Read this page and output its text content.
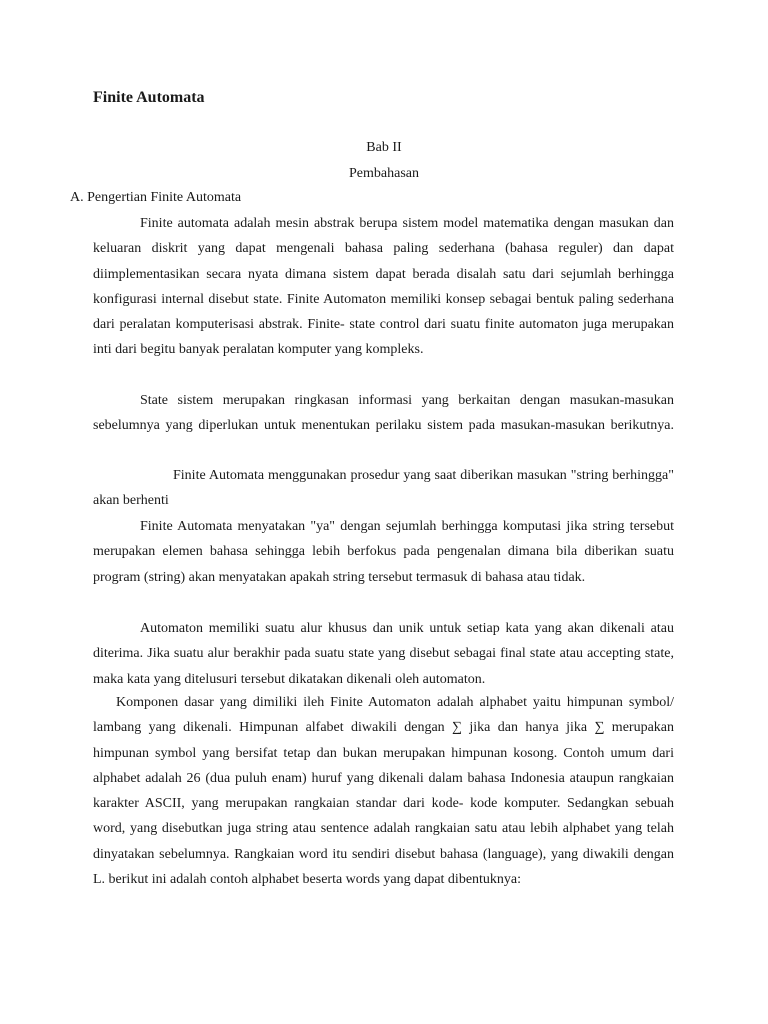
Finite Automata
Bab II
Pembahasan
A. Pengertian Finite Automata

Finite automata adalah mesin abstrak berupa sistem model matematika dengan masukan dan keluaran diskrit yang dapat mengenali bahasa paling sederhana (bahasa reguler) dan dapat diimplementasikan secara nyata dimana sistem dapat berada disalah satu dari sejumlah berhingga konfigurasi internal disebut state. Finite Automaton memiliki konsep sebagai bentuk paling sederhana dari peralatan komputerisasi abstrak. Finite- state control dari suatu finite automaton juga merupakan inti dari begitu banyak peralatan komputer yang kompleks.

State sistem merupakan ringkasan informasi yang berkaitan dengan masukan-masukan sebelumnya yang diperlukan untuk menentukan perilaku sistem pada masukan-masukan berikutnya.

Finite Automata menggunakan prosedur yang saat diberikan masukan "string berhingga" akan berhenti

Finite Automata menyatakan "ya" dengan sejumlah berhingga komputasi jika string tersebut merupakan elemen bahasa sehingga lebih berfokus pada pengenalan dimana bila diberikan suatu program (string) akan menyatakan apakah string tersebut termasuk di bahasa atau tidak.

Automaton memiliki suatu alur khusus dan unik untuk setiap kata yang akan dikenali atau diterima. Jika suatu alur berakhir pada suatu state yang disebut sebagai final state atau accepting state, maka kata yang ditelusuri tersebut dikatakan dikenali oleh automaton.

Komponen dasar yang dimiliki ileh Finite Automaton adalah alphabet yaitu himpunan symbol/ lambang yang dikenali. Himpunan alfabet diwakili dengan ∑ jika dan hanya jika ∑ merupakan himpunan symbol yang bersifat tetap dan bukan merupakan himpunan kosong. Contoh umum dari alphabet adalah 26 (dua puluh enam) huruf yang dikenali dalam bahasa Indonesia ataupun rangkaian karakter ASCII, yang merupakan rangkaian standar dari kode- kode komputer. Sedangkan sebuah word, yang disebutkan juga string atau sentence adalah rangkaian satu atau lebih alphabet yang telah dinyatakan sebelumnya. Rangkaian word itu sendiri disebut bahasa (language), yang diwakili dengan L. berikut ini adalah contoh alphabet beserta words yang dapat dibentuknya:
